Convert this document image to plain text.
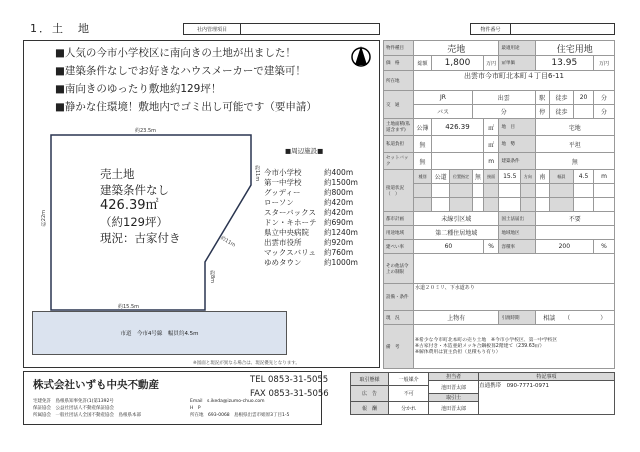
1．土　地	社内管理項目	物件番号
■人気の今市小学校区に南向きの土地が出ました！
■建築条件なしでお好きなハウスメーカーで建築可！
■南向きのゆったり敷地約129坪！
■静かな住環境！敷地内でゴミ出し可能です（要申請）
約11m
約23.5m
約11m
約8m
約22m
約15.5m
売土地
建築条件なし
426.39㎡
（約129坪）
現況：古家付き
■周辺施設■
今市小学校	約400m
第一中学校	約1500m
グッディー	約800m
ローソン	約420m
スターバックス	約420m
ドン・キホーテ	約690m
県立中央病院	約1240m
出雲市役所	約920m
マックスバリュ	約760m
ゆめタウン	約1000m
市道　今市4号線　幅員約4.5m
※図面と現況が異なる場合は、現況優先となります。
物件種目	売地					最適用途		住宅用地			
価　格	総額	1,800			万円	㎡単価		13.95			万円
所在地	出雲市今市町北本町４丁目6-11										
交　通	JR			出雲				駅	徒歩	20	分
	バス			分				停	徒歩		分
土地面積(私道含まず)	公簿	426.39			㎡	地　目		宅地			
私道負担	無				㎡	地　勢		平坦			
セットバック	無				m	建築条件		無			
接道状況（　）	種別	公道	位置指定	無	接面	15.5	方向	南	幅員	4.5	m

都市計画	未線引区域					国土法届出		不要			
用途地域	第二種住居地域					地域地区					
建ぺい率	60				%	容積率		200			%
その他法令上の制限											
設備・条件	水道２０ミリ、下水道あり										
現　況	上物有					引渡時期		相談　　（　　　　　）			
備　考	※希少な今市町北本町の売り土地　※今市小学校区、第一中学校区
※古家付き・木造亜鉛メッキ合鋼板葺2階建て（239.63㎡）
※解体費用は買主負担（見積もり有り）										
株式会社いずも中央不動産	TEL 0853-31-5055
FAX 0853-31-5056
宅建免許　島根県知事免許(1)第1392号
保証協会　公益社団法人不動産保証協会
所属協会　一般社団法人全国不動産協会　島根県本部
Email　 s.ikeda@izumo-chuo.com
H　P
所在地　 693-0068　島根県出雲市姫原3丁目1-5
取引態様	一般媒介	担当者	特記事項
		池田晋太郎	直通携帯　090-7771-0971
広　告	不可		
		取引士	
報　酬	分かれ	池田晋太郎	
